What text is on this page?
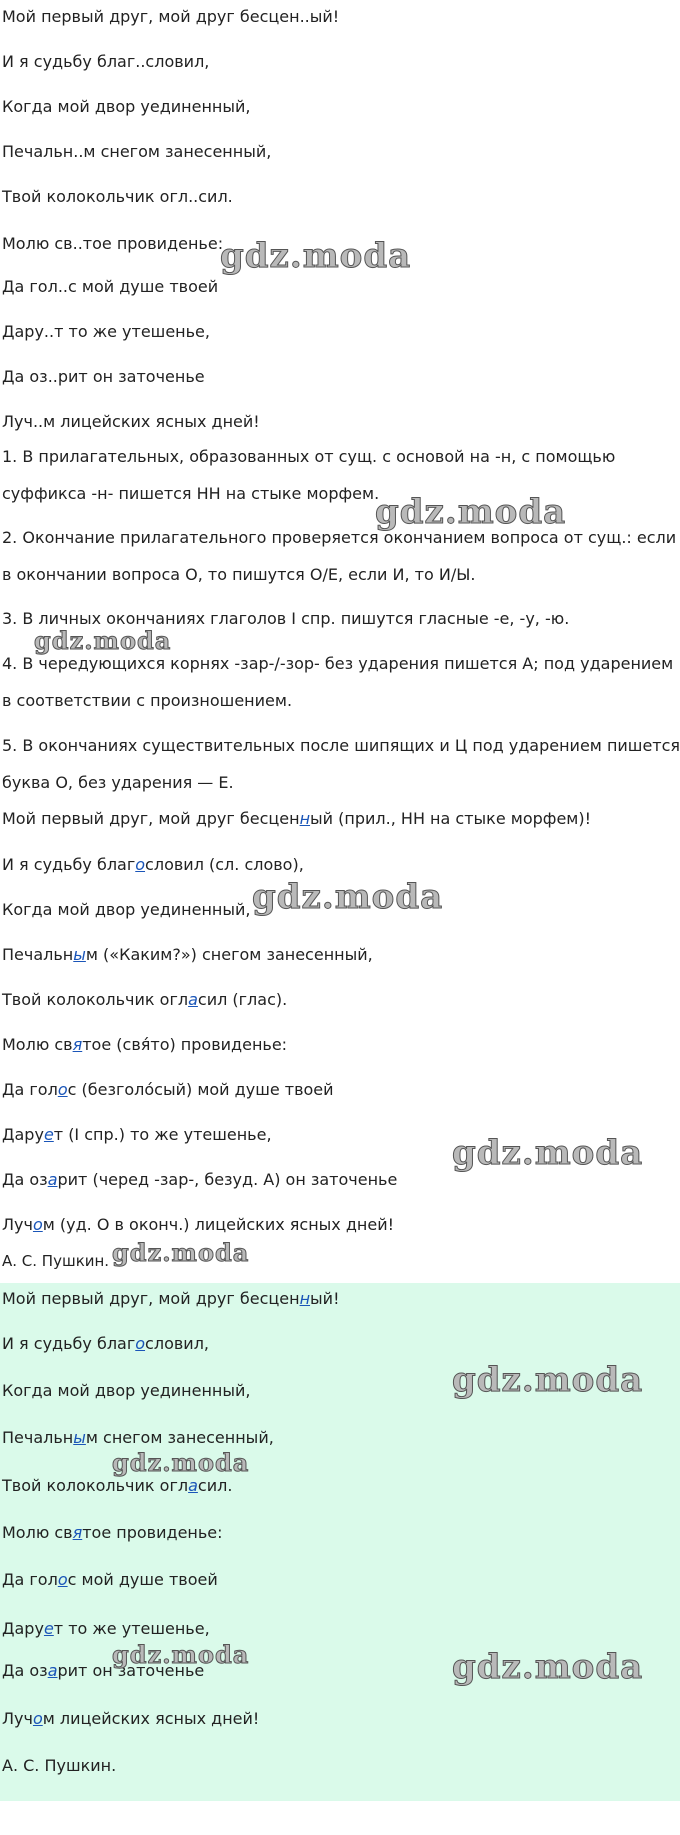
Мой первый друг, мой друг бесцен..ый!
И я судьбу благ..словил,
Когда мой двор уединенный,
Печальн..м снегом занесенный,
Твой колокольчик огл..сил.
Молю св..тое провиденье:
Да гол..с мой душе твоей
Дару..т то же утешенье,
Да оз..рит он заточенье
Луч..м лицейских ясных дней!
1. В прилагательных, образованных от сущ. с основой на -н, с помощью
суффикса -н- пишется НН на стыке морфем.
2. Окончание прилагательного проверяется окончанием вопроса от сущ.: если
в окончании вопроса О, то пишутся О/Е, если И, то И/Ы.
3. В личных окончаниях глаголов I спр. пишутся гласные -е, -у, -ю.
4. В чередующихся корнях -зар-/-зор- без ударения пишется А; под ударением
в соответствии с произношением.
5. В окончаниях существительных после шипящих и Ц под ударением пишется
буква О, без ударения — Е.
Мой первый друг, мой друг бесценный (прил., НН на стыке морфем)!
И я судьбу благословил (сл. слово),
Когда мой двор уединенный,
Печальным («Каким?») снегом занесенный,
Твой колокольчик огласил (глас).
Молю святое (свя́то) провиденье:
Да голос (безголо́сый) мой душе твоей
Дарует (I спр.) то же утешенье,
Да озарит (черед -зар-, безуд. А) он заточенье
Лучом (уд. О в оконч.) лицейских ясных дней!
А. С. Пушкин.
Мой первый друг, мой друг бесценный!
И я судьбу благословил,
Когда мой двор уединенный,
Печальным снегом занесенный,
Твой колокольчик огласил.
Молю святое провиденье:
Да голос мой душе твоей
Дарует то же утешенье,
Да озарит он заточенье
Лучом лицейских ясных дней!
А. С. Пушкин.
gdz.moda
gdz.moda
gdz.moda
gdz.moda
gdz.moda
gdz.moda
gdz.moda
gdz.moda
gdz.moda
gdz.moda
